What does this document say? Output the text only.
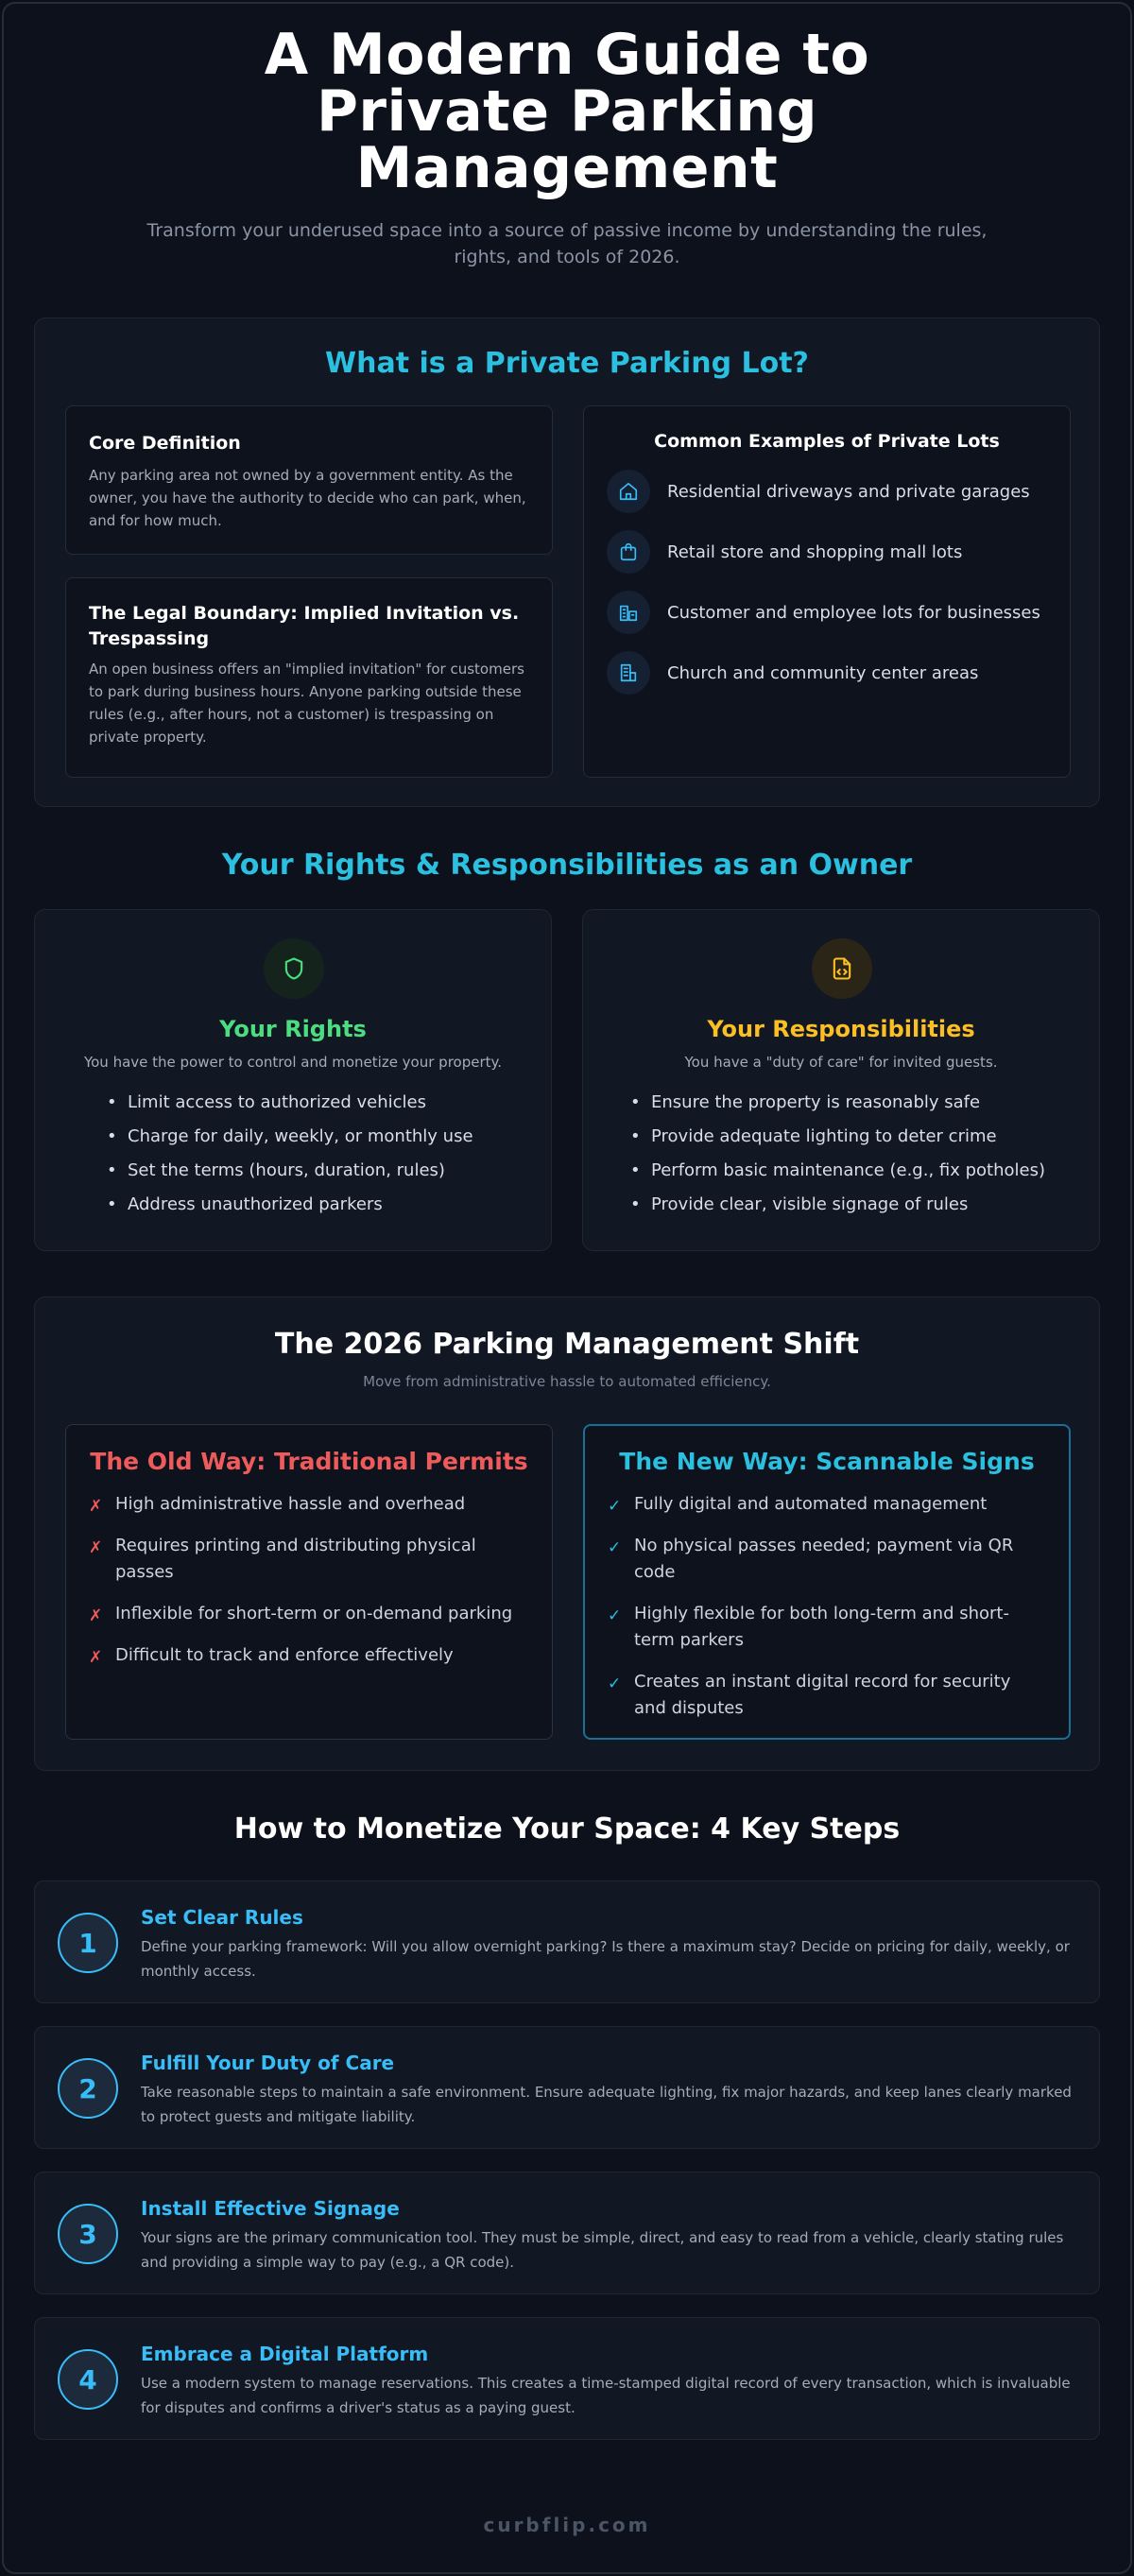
A Modern Guide to
Private Parking
Management
Transform your underused space into a source of passive income by understanding the rules, rights, and tools of 2026.
What is a Private Parking Lot?
Core Definition
Any parking area not owned by a government entity. As the owner, you have the authority to decide who can park, when, and for how much.
The Legal Boundary: Implied Invitation vs. Trespassing
An open business offers an "implied invitation" for customers to park during business hours. Anyone parking outside these rules (e.g., after hours, not a customer) is trespassing on private property.
Common Examples of Private Lots
Residential driveways and private garages
Retail store and shopping mall lots
Customer and employee lots for businesses
Church and community center areas
Your Rights & Responsibilities as an Owner
Your Rights
You have the power to control and monetize your property.
• Limit access to authorized vehicles
• Charge for daily, weekly, or monthly use
• Set the terms (hours, duration, rules)
• Address unauthorized parkers
Your Responsibilities
You have a "duty of care" for invited guests.
• Ensure the property is reasonably safe
• Provide adequate lighting to deter crime
• Perform basic maintenance (e.g., fix potholes)
• Provide clear, visible signage of rules
The 2026 Parking Management Shift
Move from administrative hassle to automated efficiency.
The Old Way: Traditional Permits
✗ High administrative hassle and overhead
✗ Requires printing and distributing physical passes
✗ Inflexible for short-term or on-demand parking
✗ Difficult to track and enforce effectively
The New Way: Scannable Signs
✓ Fully digital and automated management
✓ No physical passes needed; payment via QR code
✓ Highly flexible for both long-term and short-term parkers
✓ Creates an instant digital record for security and disputes
How to Monetize Your Space: 4 Key Steps
1
Set Clear Rules
Define your parking framework: Will you allow overnight parking? Is there a maximum stay? Decide on pricing for daily, weekly, or monthly access.
2
Fulfill Your Duty of Care
Take reasonable steps to maintain a safe environment. Ensure adequate lighting, fix major hazards, and keep lanes clearly marked to protect guests and mitigate liability.
3
Install Effective Signage
Your signs are the primary communication tool. They must be simple, direct, and easy to read from a vehicle, clearly stating rules and providing a simple way to pay (e.g., a QR code).
4
Embrace a Digital Platform
Use a modern system to manage reservations. This creates a time-stamped digital record of every transaction, which is invaluable for disputes and confirms a driver's status as a paying guest.
curbflip.com
